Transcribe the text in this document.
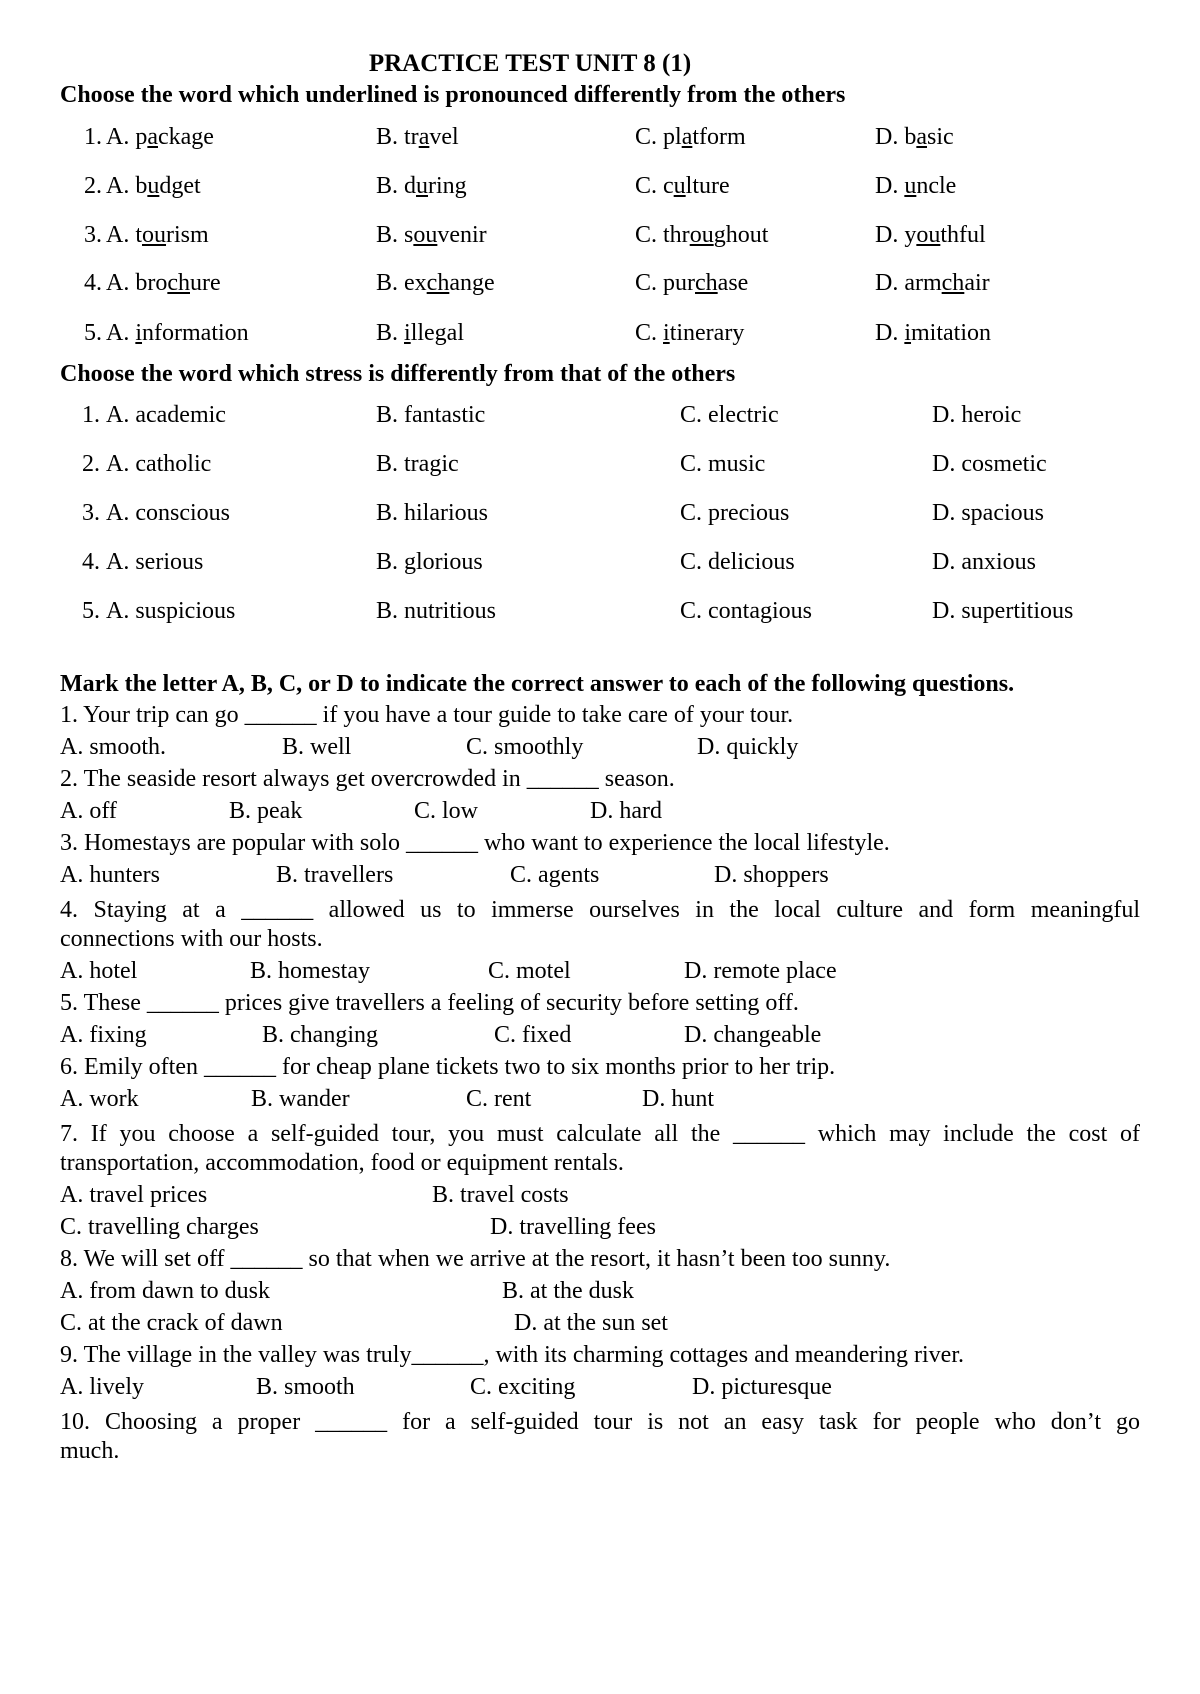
PRACTICE TEST UNIT 8 (1)
Choose the word which underlined is pronounced differently from the others
1. A. package	B. travel	C. platform	D. basic
2. A. budget	B. during	C. culture	D. uncle
3. A. tourism	B. souvenir	C. throughout	D. youthful
4. A. brochure	B. exchange	C. purchase	D. armchair
5. A. information	B. illegal	C. itinerary	D. imitation
Choose the word which stress is differently from that of the others
1. A. academic	B. fantastic	C. electric	D. heroic
2. A. catholic	B. tragic	C. music	D. cosmetic
3. A. conscious	B. hilarious	C. precious	D. spacious
4. A. serious	B. glorious	C. delicious	D. anxious
5. A. suspicious	B. nutritious	C. contagious	D. supertitious
Mark the letter A, B, C, or D to indicate the correct answer to each of the following questions.
1. Your trip can go ______ if you have a tour guide to take care of your tour.
A. smooth.	B. well	C. smoothly	D. quickly
2. The seaside resort always get overcrowded in ______ season.
A. off	B. peak	C. low	D. hard
3. Homestays are popular with solo ______ who want to experience the local lifestyle.
A. hunters	B. travellers	C. agents	D. shoppers
4. Staying at a ______ allowed us to immerse ourselves in the local culture and form meaningful
connections with our hosts.
A. hotel	B. homestay	C. motel	D. remote place
5. These ______ prices give travellers a feeling of security before setting off.
A. fixing	B. changing	C. fixed	D. changeable
6. Emily often ______ for cheap plane tickets two to six months prior to her trip.
A. work	B. wander	C. rent	D. hunt
7. If you choose a self-guided tour, you must calculate all the ______ which may include the cost of
transportation, accommodation, food or equipment rentals.
A. travel prices	B. travel costs
C. travelling charges	D. travelling fees
8. We will set off ______ so that when we arrive at the resort, it hasn’t been too sunny.
A. from dawn to dusk	B. at the dusk
C. at the crack of dawn	D. at the sun set
9. The village in the valley was truly______, with its charming cottages and meandering river.
A. lively	B. smooth	C. exciting	D. picturesque
10. Choosing a proper ______ for a self-guided tour is not an easy task for people who don’t go
much.
